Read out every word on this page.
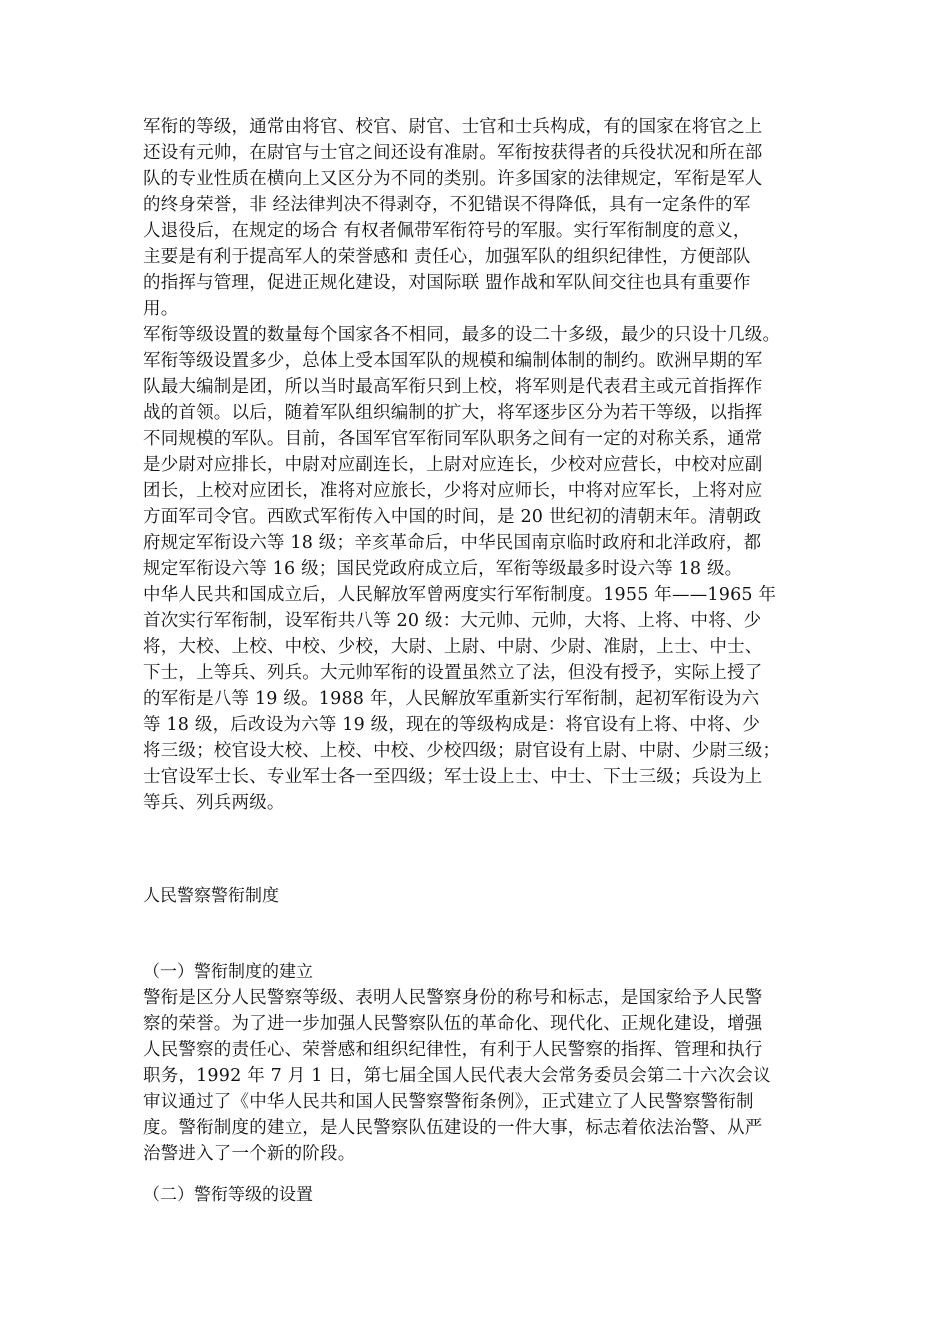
军衔的等级，通常由将官、校官、尉官、士官和士兵构成，有的国家在将官之上
还设有元帅，在尉官与士官之间还设有准尉。军衔按获得者的兵役状况和所在部
队的专业性质在横向上又区分为不同的类别。许多国家的法律规定，军衔是军人
的终身荣誉，非 经法律判决不得剥夺，不犯错误不得降低，具有一定条件的军
人退役后，在规定的场合 有权者佩带军衔符号的军服。实行军衔制度的意义，
主要是有利于提高军人的荣誉感和 责任心，加强军队的组织纪律性，方便部队
的指挥与管理，促进正规化建设，对国际联 盟作战和军队间交往也具有重要作
用。
军衔等级设置的数量每个国家各不相同，最多的设二十多级，最少的只设十几级。
军衔等级设置多少，总体上受本国军队的规模和编制体制的制约。欧洲早期的军
队最大编制是团，所以当时最高军衔只到上校，将军则是代表君主或元首指挥作
战的首领。以后，随着军队组织编制的扩大，将军逐步区分为若干等级，以指挥
不同规模的军队。目前，各国军官军衔同军队职务之间有一定的对称关系，通常
是少尉对应排长，中尉对应副连长，上尉对应连长，少校对应营长，中校对应副
团长，上校对应团长，准将对应旅长，少将对应师长，中将对应军长，上将对应
方面军司令官。西欧式军衔传入中国的时间，是 20 世纪初的清朝末年。清朝政
府规定军衔设六等 18 级；辛亥革命后，中华民国南京临时政府和北洋政府，都
规定军衔设六等 16 级；国民党政府成立后，军衔等级最多时设六等 18 级。
中华人民共和国成立后，人民解放军曾两度实行军衔制度。1955 年——1965 年
首次实行军衔制，设军衔共八等 20 级：大元帅、元帅，大将、上将、中将、少
将，大校、上校、中校、少校，大尉、上尉、中尉、少尉、准尉，上士、中士、
下士，上等兵、列兵。大元帅军衔的设置虽然立了法，但没有授予，实际上授了
的军衔是八等 19 级。1988 年，人民解放军重新实行军衔制，起初军衔设为六
等 18 级，后改设为六等 19 级，现在的等级构成是：将官设有上将、中将、少
将三级；校官设大校、上校、中校、少校四级；尉官设有上尉、中尉、少尉三级；
士官设军士长、专业军士各一至四级；军士设上士、中士、下士三级；兵设为上
等兵、列兵两级。
人民警察警衔制度
（一）警衔制度的建立
警衔是区分人民警察等级、表明人民警察身份的称号和标志，是国家给予人民警
察的荣誉。为了进一步加强人民警察队伍的革命化、现代化、正规化建设，增强
人民警察的责任心、荣誉感和组织纪律性，有利于人民警察的指挥、管理和执行
职务，1992 年 7 月 1 日，第七届全国人民代表大会常务委员会第二十六次会议
审议通过了《中华人民共和国人民警察警衔条例》，正式建立了人民警察警衔制
度。警衔制度的建立，是人民警察队伍建设的一件大事，标志着依法治警、从严
治警进入了一个新的阶段。
（二）警衔等级的设置
